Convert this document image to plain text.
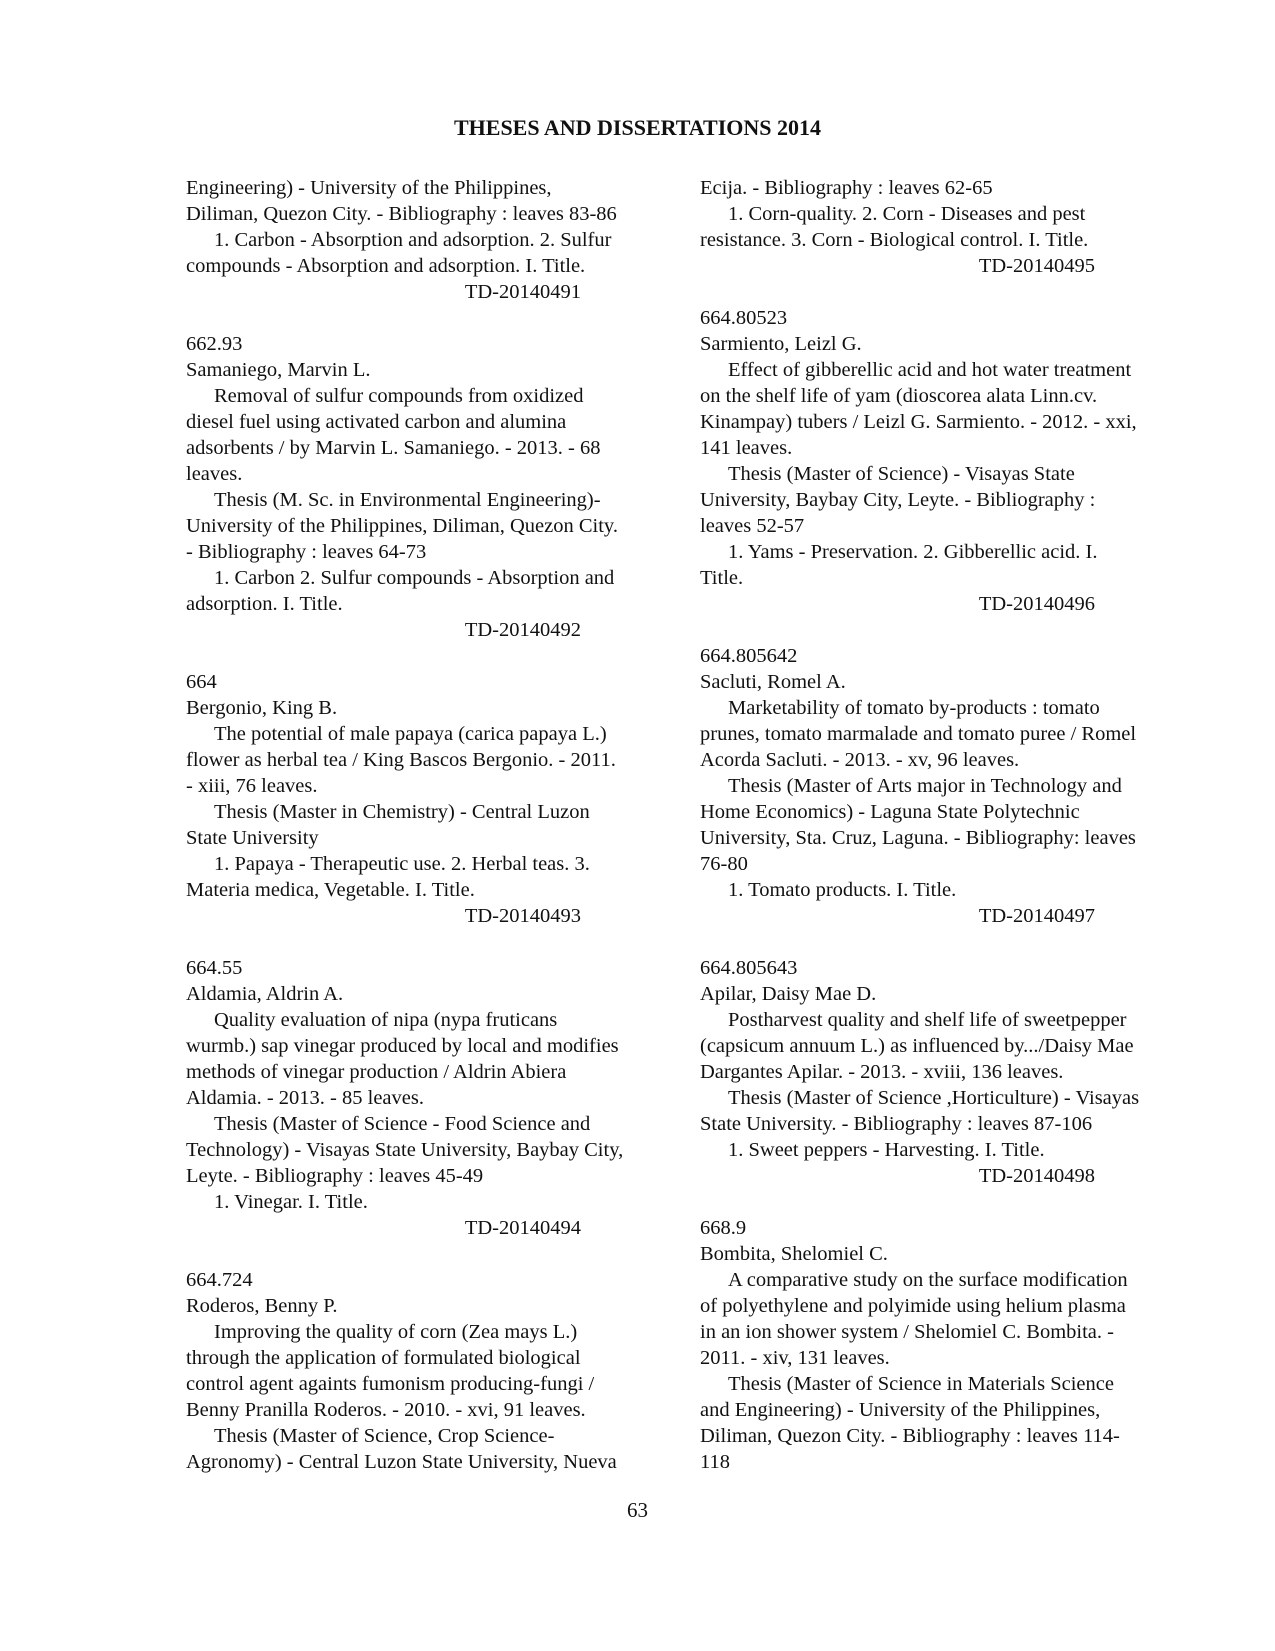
THESES AND DISSERTATIONS 2014
Engineering) - University of the Philippines,
Diliman, Quezon City. - Bibliography : leaves 83-86
1. Carbon - Absorption and adsorption. 2. Sulfur
compounds - Absorption and adsorption. I. Title.
TD-20140491
662.93
Samaniego, Marvin L.
Removal of sulfur compounds from oxidized
diesel fuel using activated carbon and alumina
adsorbents / by Marvin L. Samaniego. - 2013. - 68
leaves.
Thesis (M. Sc. in Environmental Engineering)-
University of the Philippines, Diliman, Quezon City.
- Bibliography : leaves 64-73
1. Carbon 2. Sulfur compounds - Absorption and
adsorption. I. Title.
TD-20140492
664
Bergonio, King B.
The potential of male papaya (carica papaya L.)
flower as herbal tea / King Bascos Bergonio. - 2011.
- xiii, 76 leaves.
Thesis (Master in Chemistry) - Central Luzon
State University
1. Papaya - Therapeutic use. 2. Herbal teas. 3.
Materia medica, Vegetable. I. Title.
TD-20140493
664.55
Aldamia, Aldrin A.
Quality evaluation of nipa (nypa fruticans
wurmb.) sap vinegar produced by local and modifies
methods of vinegar production / Aldrin Abiera
Aldamia. - 2013. - 85 leaves.
Thesis (Master of Science - Food Science and
Technology) - Visayas State University, Baybay City,
Leyte. - Bibliography : leaves 45-49
1. Vinegar. I. Title.
TD-20140494
664.724
Roderos, Benny P.
Improving the quality of corn (Zea mays L.)
through the application of formulated biological
control agent againts fumonism producing-fungi /
Benny Pranilla Roderos. - 2010. - xvi, 91 leaves.
Thesis (Master of Science, Crop Science-
Agronomy) - Central Luzon State University, Nueva
Ecija. - Bibliography : leaves 62-65
1. Corn-quality. 2. Corn - Diseases and pest
resistance. 3. Corn - Biological control. I. Title.
TD-20140495
664.80523
Sarmiento, Leizl G.
Effect of gibberellic acid and hot water treatment
on the shelf life of yam (dioscorea alata Linn.cv.
Kinampay) tubers / Leizl G. Sarmiento. - 2012. - xxi,
141 leaves.
Thesis (Master of Science) - Visayas State
University, Baybay City, Leyte. - Bibliography :
leaves 52-57
1. Yams - Preservation. 2. Gibberellic acid. I.
Title.
TD-20140496
664.805642
Sacluti, Romel A.
Marketability of tomato by-products : tomato
prunes, tomato marmalade and tomato puree / Romel
Acorda Sacluti. - 2013. - xv, 96 leaves.
Thesis (Master of Arts major in Technology and
Home Economics) - Laguna State Polytechnic
University, Sta. Cruz, Laguna. - Bibliography: leaves
76-80
1. Tomato products. I. Title.
TD-20140497
664.805643
Apilar, Daisy Mae D.
Postharvest quality and shelf life of sweetpepper
(capsicum annuum L.) as influenced by.../Daisy Mae
Dargantes Apilar. - 2013. - xviii, 136 leaves.
Thesis (Master of Science ,Horticulture) - Visayas
State University. - Bibliography : leaves 87-106
1. Sweet peppers - Harvesting. I. Title.
TD-20140498
668.9
Bombita, Shelomiel C.
A comparative study on the surface modification
of polyethylene and polyimide using helium plasma
in an ion shower system / Shelomiel C. Bombita. -
2011. - xiv, 131 leaves.
Thesis (Master of Science in Materials Science
and Engineering) - University of the Philippines,
Diliman, Quezon City. - Bibliography : leaves 114-
118
63
